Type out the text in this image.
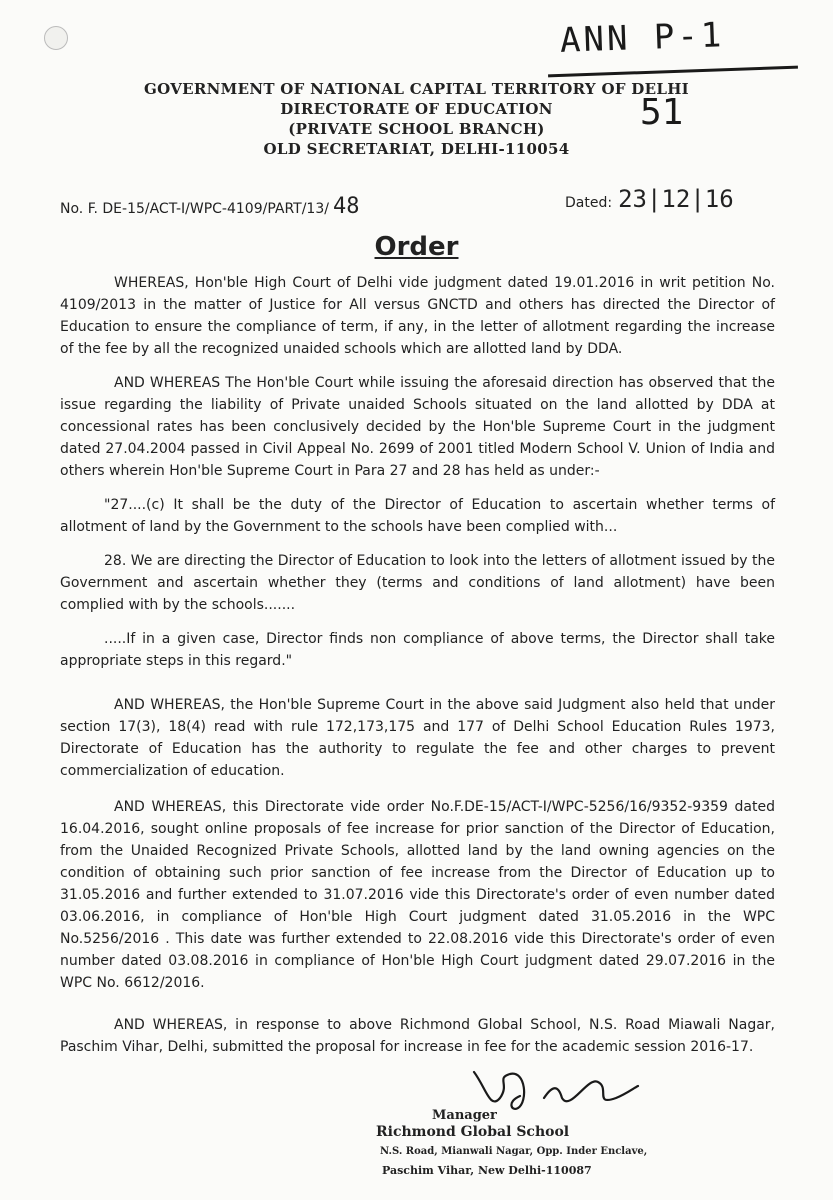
ANN P-1
51
GOVERNMENT OF NATIONAL CAPITAL TERRITORY OF DELHI
DIRECTORATE OF EDUCATION
(PRIVATE SCHOOL BRANCH)
OLD SECRETARIAT, DELHI-110054
No. F. DE-15/ACT-I/WPC-4109/PART/13/ 48	Dated: 23|12|16
Order
WHEREAS, Hon'ble High Court of Delhi vide judgment dated 19.01.2016 in writ petition No. 4109/2013 in the matter of Justice for All versus GNCTD and others has directed the Director of Education to ensure the compliance of term, if any, in the letter of allotment regarding the increase of the fee by all the recognized unaided schools which are allotted land by DDA.
AND WHEREAS The Hon'ble Court while issuing the aforesaid direction has observed that the issue regarding the liability of Private unaided Schools situated on the land allotted by DDA at concessional rates has been conclusively decided by the Hon'ble Supreme Court in the judgment dated 27.04.2004 passed in Civil Appeal No. 2699 of 2001 titled Modern School V. Union of India and others wherein Hon'ble Supreme Court in Para 27 and 28 has held as under:-
"27....(c) It shall be the duty of the Director of Education to ascertain whether terms of allotment of land by the Government to the schools have been complied with...
28. We are directing the Director of Education to look into the letters of allotment issued by the Government and ascertain whether they (terms and conditions of land allotment) have been complied with by the schools.......
.....If in a given case, Director finds non compliance of above terms, the Director shall take appropriate steps in this regard."
AND WHEREAS, the Hon'ble Supreme Court in the above said Judgment also held that under section 17(3), 18(4) read with rule 172,173,175 and 177 of Delhi School Education Rules 1973, Directorate of Education has the authority to regulate the fee and other charges to prevent commercialization of education.
AND WHEREAS, this Directorate vide order No.F.DE-15/ACT-I/WPC-5256/16/9352-9359 dated 16.04.2016, sought online proposals of fee increase for prior sanction of the Director of Education, from the Unaided Recognized Private Schools, allotted land by the land owning agencies on the condition of obtaining such prior sanction of fee increase from the Director of Education up to 31.05.2016 and further extended to 31.07.2016 vide this Directorate's order of even number dated 03.06.2016, in compliance of Hon'ble High Court judgment dated 31.05.2016 in the WPC No.5256/2016 . This date was further extended to 22.08.2016 vide this Directorate's order of even number dated 03.08.2016 in compliance of Hon'ble High Court judgment dated 29.07.2016 in the WPC No. 6612/2016.
AND WHEREAS, in response to above Richmond Global School, N.S. Road Miawali Nagar, Paschim Vihar, Delhi, submitted the proposal for increase in fee for the academic session 2016-17.
Manager
Richmond Global School
N.S. Road, Mianwali Nagar, Opp. Inder Enclave,
Paschim Vihar, New Delhi-110087
